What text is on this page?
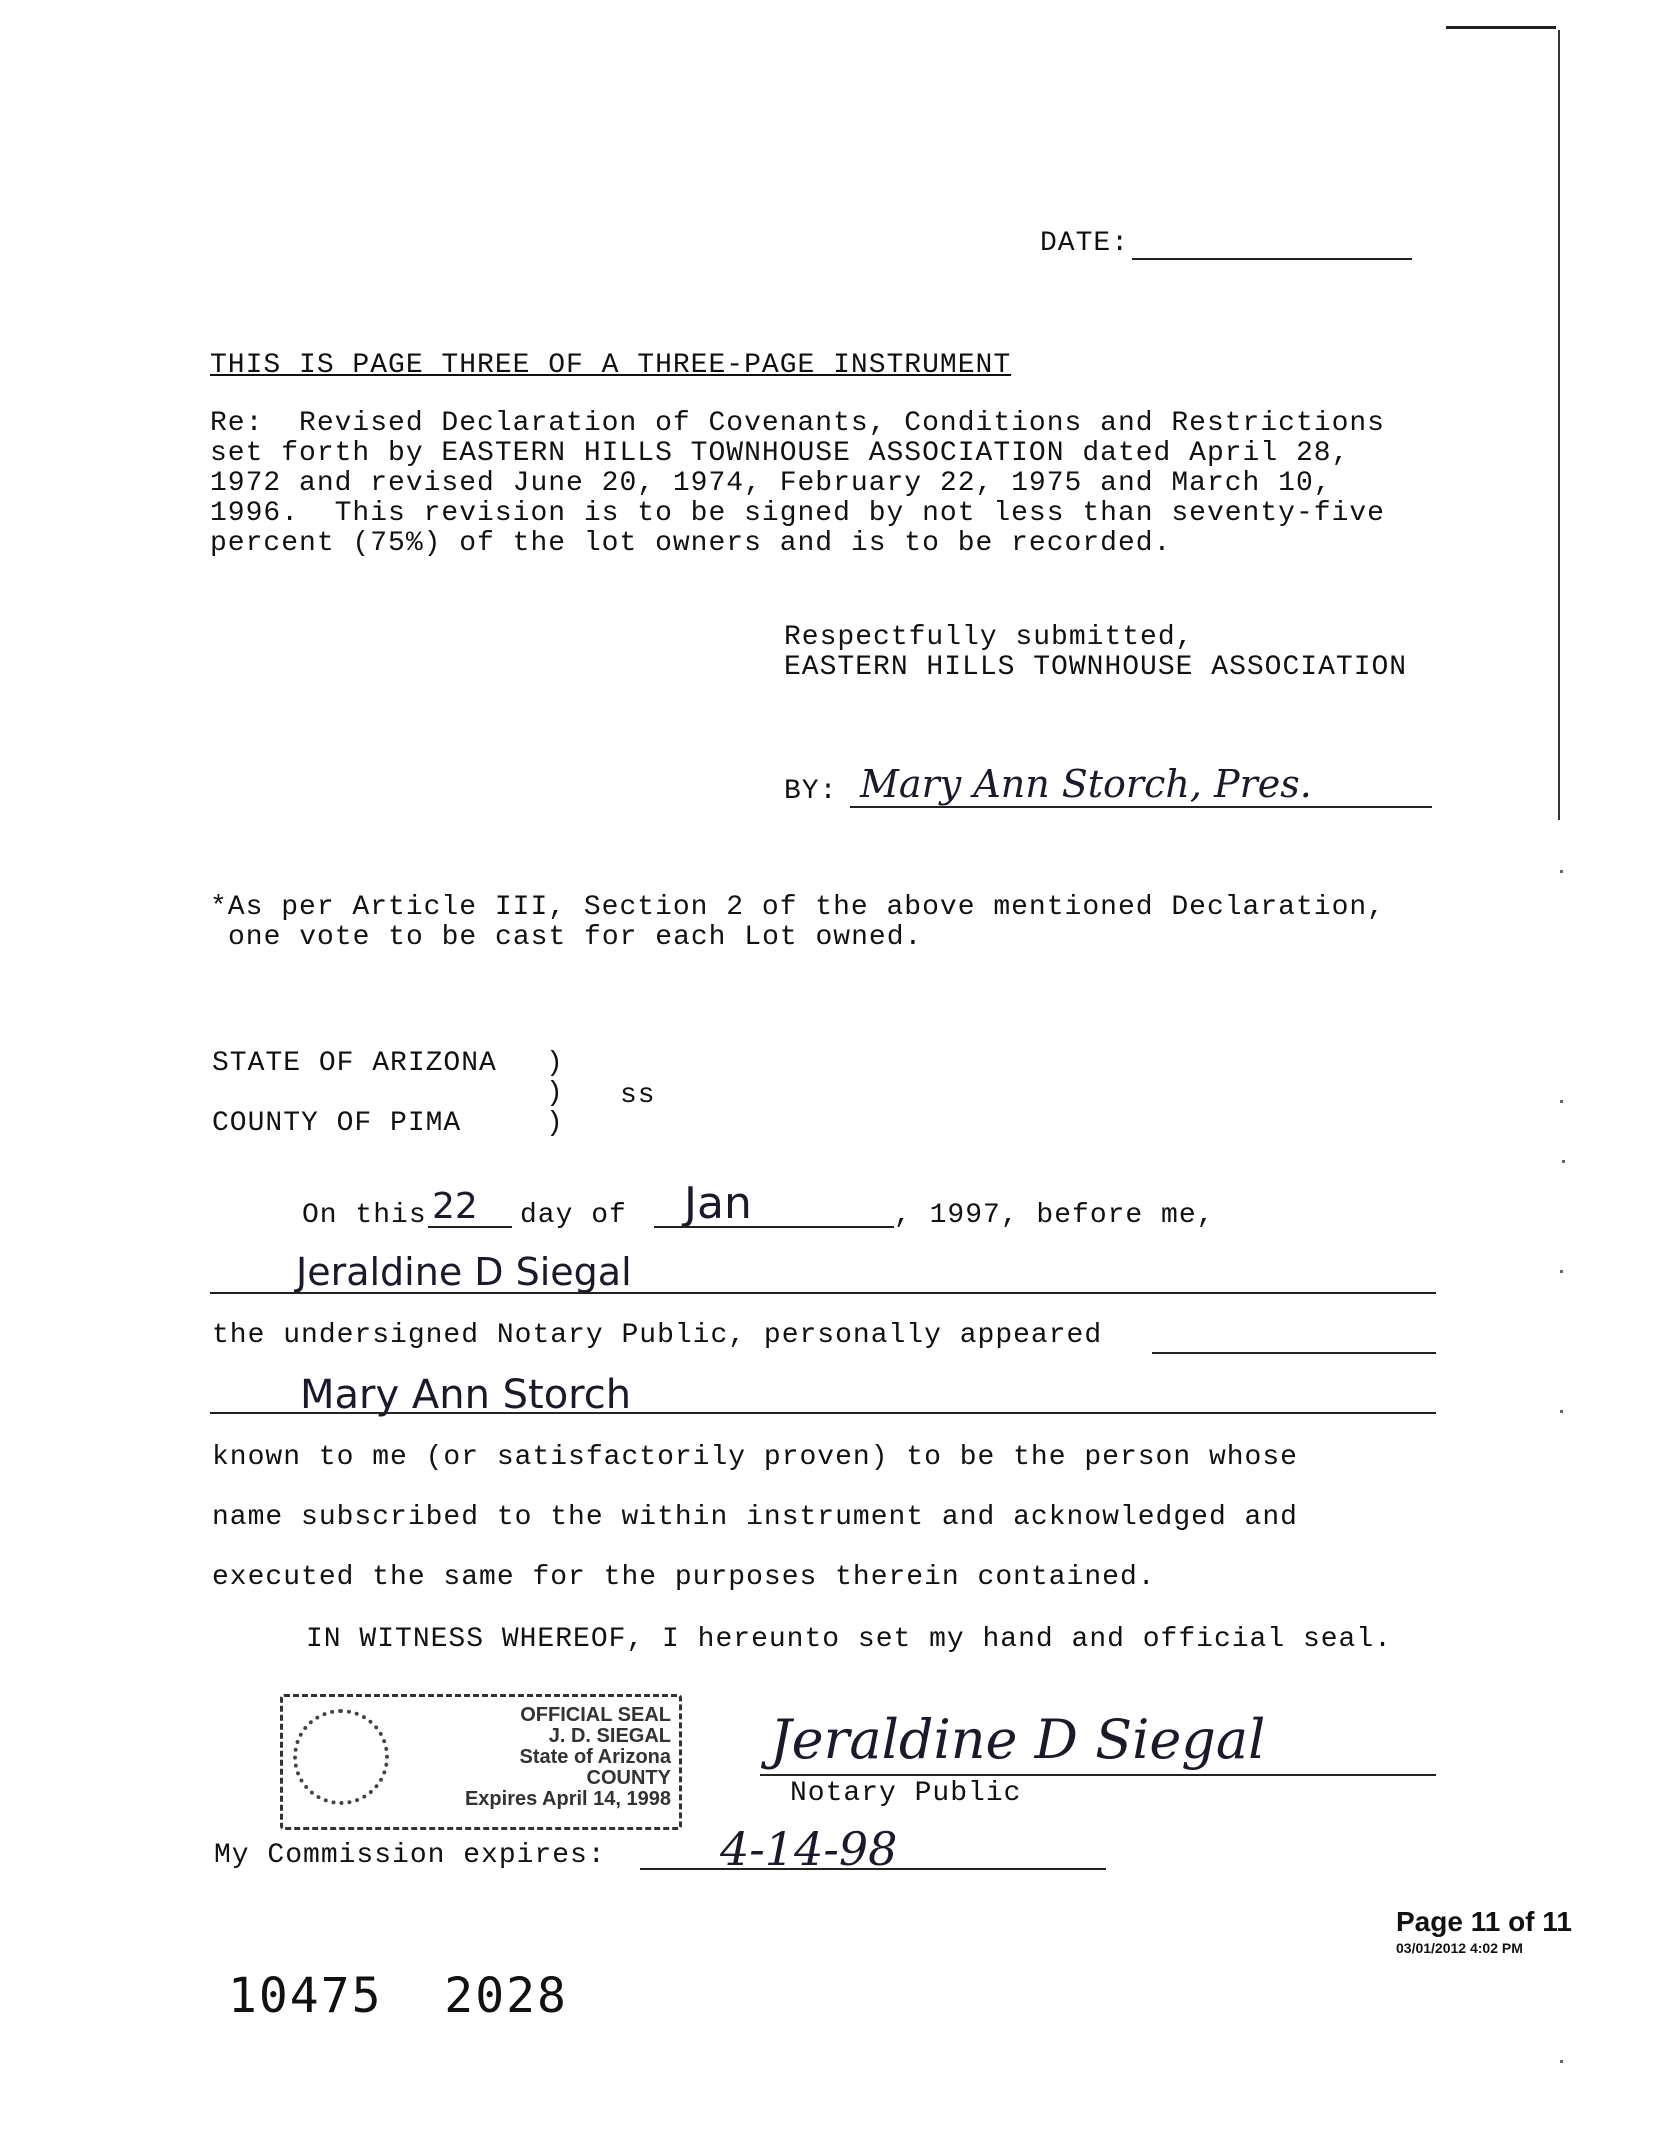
DATE:
THIS IS PAGE THREE OF A THREE-PAGE INSTRUMENT
Re:  Revised Declaration of Covenants, Conditions and Restrictions
set forth by EASTERN HILLS TOWNHOUSE ASSOCIATION dated April 28,
1972 and revised June 20, 1974, February 22, 1975 and March 10,
1996.  This revision is to be signed by not less than seventy-five
percent (75%) of the lot owners and is to be recorded.
Respectfully submitted,
EASTERN HILLS TOWNHOUSE ASSOCIATION
BY: Mary Ann Storch, Pres.
*As per Article III, Section 2 of the above mentioned Declaration,
one vote to be cast for each Lot owned.
STATE OF ARIZONA )
) ss
COUNTY OF PIMA	)
On this 22 day of Jan	, 1997, before me,
Jeraldine D Siegal
the undersigned Notary Public, personally appeared
Mary Ann Storch
known to me (or satisfactorily proven) to be the person whose
name subscribed to the within instrument and acknowledged and
executed the same for the purposes therein contained.
IN WITNESS WHEREOF, I hereunto set my hand and official seal.
OFFICIAL SEAL
J. D. SIEGAL
State of Arizona
COUNTY
Expires April 14, 1998
Jeraldine D Siegal
Notary Public
My Commission expires: 4-14-98
Page 11 of 11
03/01/2012 4:02 PM
10475  2028
